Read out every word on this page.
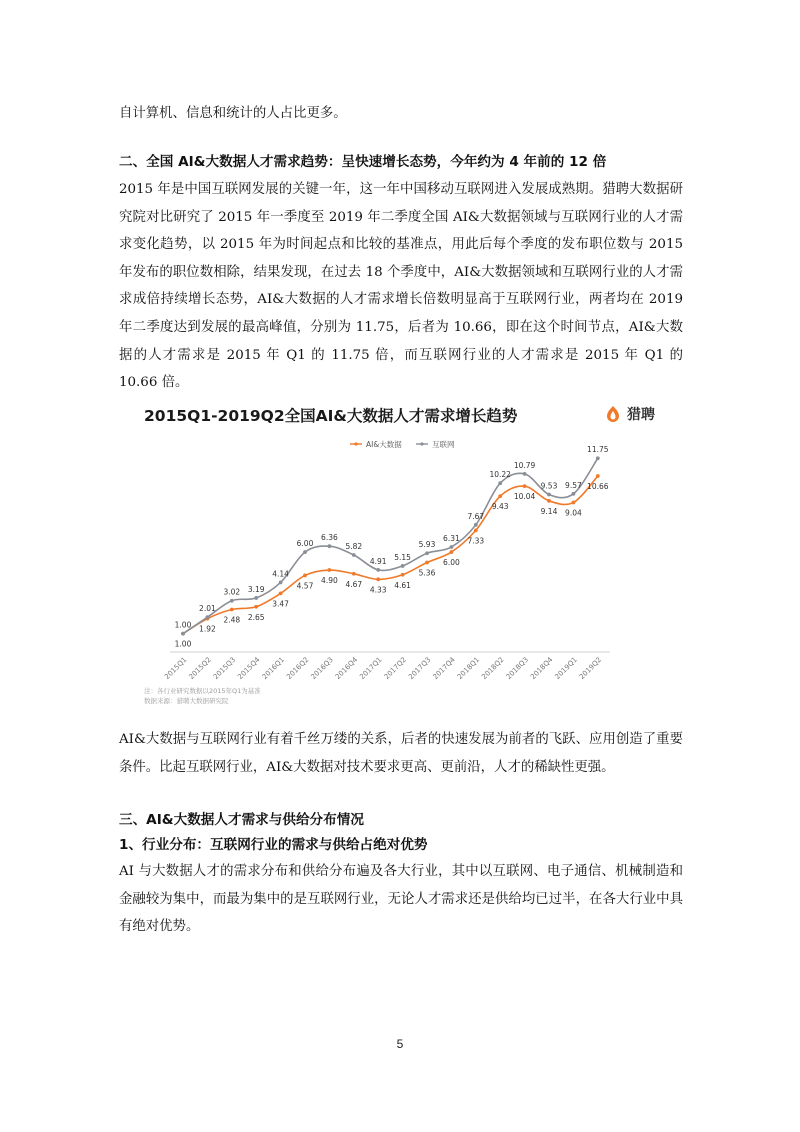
自计算机、信息和统计的人占比更多。

二、全国 AI&大数据人才需求趋势：呈快速增长态势，今年约为 4 年前的 12 倍

2015 年是中国互联网发展的关键一年，这一年中国移动互联网进入发展成熟期。猎聘大数据研究院对比研究了 2015 年一季度至 2019 年二季度全国 AI&大数据领域与互联网行业的人才需求变化趋势，以 2015 年为时间起点和比较的基准点，用此后每个季度的发布职位数与 2015 年发布的职位数相除，结果发现，在过去 18 个季度中，AI&大数据领域和互联网行业的人才需求成倍持续增长态势，AI&大数据的人才需求增长倍数明显高于互联网行业，两者均在 2019 年二季度达到发展的最高峰值，分别为 11.75，后者为 10.66，即在这个时间节点，AI&大数据的人才需求是 2015 年 Q1 的 11.75 倍，而互联网行业的人才需求是 2015 年 Q1 的 10.66 倍。

2015Q1 2015Q2 2015Q3 2015Q4 2016Q1 2016Q2 2016Q3 2016Q4 2017Q1 2017Q2 2017Q3 2017Q4 2018Q1 2018Q2 2018Q3 2018Q4 2019Q1 2019Q2
1.00
1.92
2.48 2.65
3.47
4.57
4.90 4.67
4.33
4.61
5.36
6.00
7.33
9.43
10.04
9.14 9.04
10.66
1.00
2.01
3.02 3.19
4.14
6.00
6.36
5.82
4.91 5.15
5.93
6.31
7.67
10.22
10.79
9.53 9.57
11.75
AI&大数据	互联网
2015Q1-2019Q2全国AI&大数据人才需求增长趋势	猎聘
注：各行业研究数据以2015年Q1为基准
数据来源：猎聘大数据研究院

AI&大数据与互联网行业有着千丝万缕的关系，后者的快速发展为前者的飞跃、应用创造了重要条件。比起互联网行业，AI&大数据对技术要求更高、更前沿，人才的稀缺性更强。

三、AI&大数据人才需求与供给分布情况

1、行业分布：互联网行业的需求与供给占绝对优势

AI 与大数据人才的需求分布和供给分布遍及各大行业，其中以互联网、电子通信、机械制造和金融较为集中，而最为集中的是互联网行业，无论人才需求还是供给均已过半，在各大行业中具有绝对优势。

5
